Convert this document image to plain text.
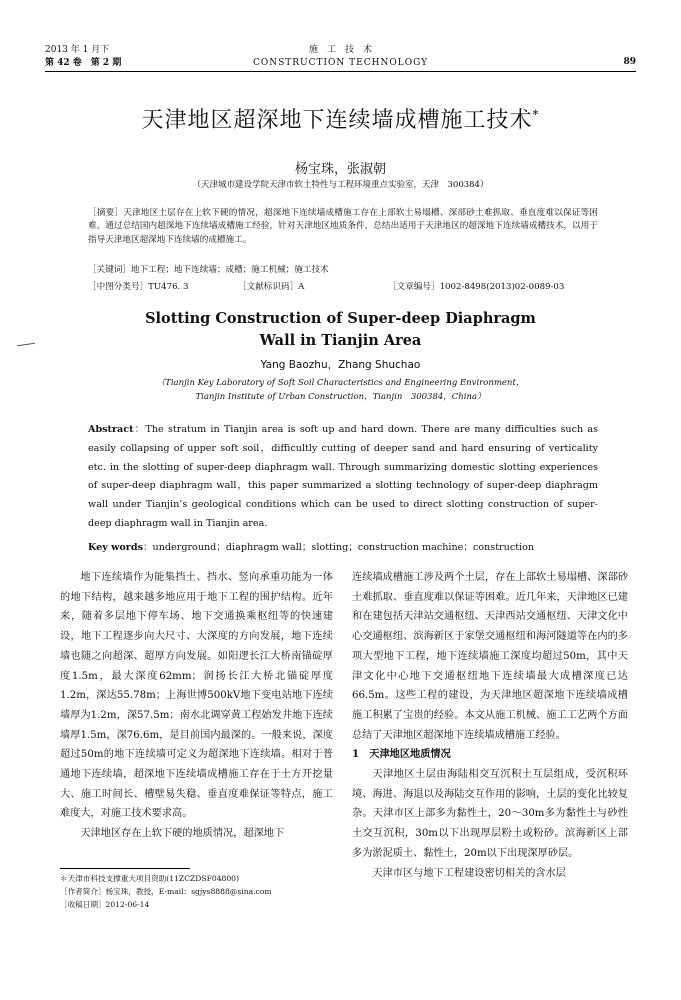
2013 年 1 月下
第 42 卷　第 2 期
施　工　技　术
CONSTRUCTION TECHNOLOGY	89
天津地区超深地下连续墙成槽施工技术*
杨宝珠，张淑朝
（天津城市建设学院天津市软土特性与工程环境重点实验室，天津　300384）
［摘要］天津地区土层存在上软下硬的情况，超深地下连续墙成槽施工存在上部软土易塌槽、深部砂土难抓取、垂直度难以保证等困难。通过总结国内超深地下连续墙成槽施工经验，针对天津地区地质条件，总结出适用于天津地区的超深地下连续墙成槽技术，以用于指导天津地区超深地下连续墙的成槽施工。
［关键词］地下工程；地下连续墙；成槽；施工机械；施工技术
［中图分类号］TU476. 3	［文献标识码］A	［文章编号］1002-8498(2013)02-0089-03
Slotting Construction of Super-deep Diaphragm
Wall in Tianjin Area
Yang Baozhu，Zhang Shuchao
（Tianjin Key Laboratory of Soft Soil Characteristics and Engineering Environment，
Tianjin Institute of Urban Construction，Tianjin　300384，China）
Abstract：The stratum in Tianjin area is soft up and hard down. There are many difficulties such as easily collapsing of upper soft soil，difficultly cutting of deeper sand and hard ensuring of verticality etc. in the slotting of super-deep diaphragm wall. Through summarizing domestic slotting experiences of super-deep diaphragm wall，this paper summarized a slotting technology of super-deep diaphragm wall under Tianjin’s geological conditions which can be used to direct slotting construction of super-deep diaphragm wall in Tianjin area.
Key words：underground；diaphragm wall；slotting；construction machine；construction

地下连续墙作为能集挡土、挡水、竖向承重功能为一体的地下结构，越来越多地应用于地下工程的围护结构。近年来，随着多层地下停车场、地下交通换乘枢纽等的快速建设，地下工程逐步向大尺寸、大深度的方向发展，地下连续墙也随之向超深、超厚方向发展。如阳逻长江大桥南锚碇厚度1.5m，最大深度62mm；润扬长江大桥北锚碇厚度1.2m，深达55.78m；上海世博500kV地下变电站地下连续墙厚为1.2m，深57.5m；南水北调穿黄工程始发井地下连续墙厚1.5m，深76.6m，是目前国内最深的。一般来说，深度超过50m的地下连续墙可定义为超深地下连续墙。相对于普通地下连续墙，超深地下连续墙成槽施工存在于土方开挖量大、施工时间长、槽壁易失稳、垂直度难保证等特点，施工难度大，对施工技术要求高。

天津地区存在上软下硬的地质情况，超深地下

连续墙成槽施工涉及两个土层，存在上部软土易塌槽、深部砂土难抓取、垂直度难以保证等困难。近几年来，天津地区已建和在建包括天津站交通枢纽、天津西站交通枢纽、天津文化中心交通枢纽、滨海新区于家堡交通枢纽和海河隧道等在内的多项大型地下工程，地下连续墙施工深度均超过50m，其中天津文化中心地下交通枢纽地下连续墙最大成槽深度已达66.5m。这些工程的建设，为天津地区超深地下连续墙成槽施工积累了宝贵的经验。本文从施工机械、施工工艺两个方面总结了天津地区超深地下连续墙成槽施工经验。

1　天津地区地质情况

天津地区土层由海陆相交互沉积土互层组成，受沉积环境、海进、海退以及海陆交互作用的影响，土层的变化比较复杂。天津市区上部多为黏性土，20～30m多为黏性土与砂性土交互沉积，30m以下出现厚层粉土或粉砂。滨海新区上部多为淤泥质土、黏性土，20m以下出现深厚砂层。

天津市区与地下工程建设密切相关的含水层

＊天津市科技支撑重大项目资助(11ZCZDSF04800)
［作者简介］杨宝珠，教授，E-mail：sgjys8888@sina.com
［收稿日期］2012-06-14
